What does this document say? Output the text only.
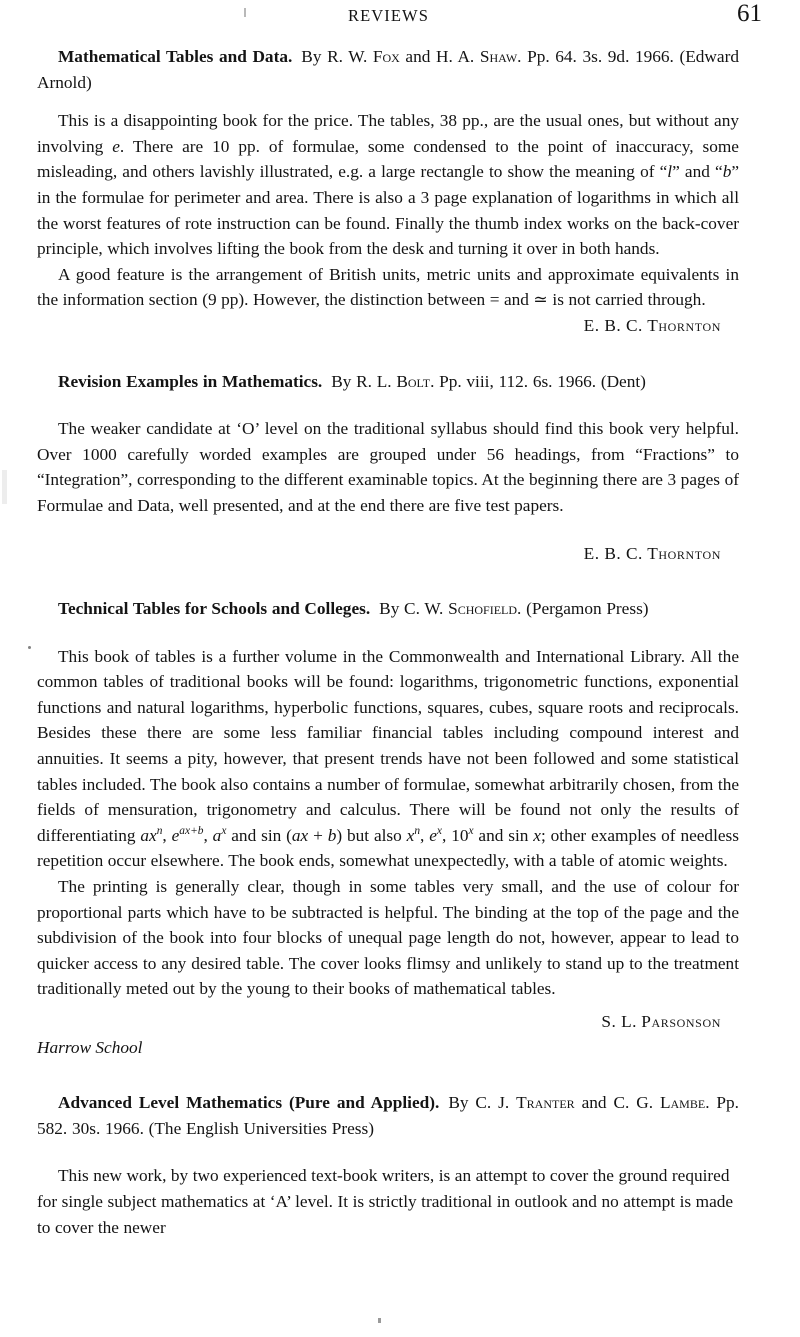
REVIEWS	61
Mathematical Tables and Data. By R. W. Fox and H. A. Shaw. Pp. 64. 3s. 9d. 1966. (Edward Arnold)

This is a disappointing book for the price. The tables, 38 pp., are the usual ones, but without any involving e. There are 10 pp. of formulae, some condensed to the point of inaccuracy, some misleading, and others lavishly illustrated, e.g. a large rectangle to show the meaning of “l” and “b” in the formulae for perimeter and area. There is also a 3 page explanation of logarithms in which all the worst features of rote instruction can be found. Finally the thumb index works on the back-cover principle, which involves lifting the book from the desk and turning it over in both hands.

A good feature is the arrangement of British units, metric units and approximate equivalents in the information section (9 pp). However, the distinction between = and ≃ is not carried through.

E. B. C. Thornton
Revision Examples in Mathematics. By R. L. Bolt. Pp. viii, 112. 6s. 1966. (Dent)

The weaker candidate at ‘O’ level on the traditional syllabus should find this book very helpful. Over 1000 carefully worded examples are grouped under 56 headings, from “Fractions” to “Integration”, corresponding to the different examinable topics. At the beginning there are 3 pages of Formulae and Data, well presented, and at the end there are five test papers.

E. B. C. Thornton
Technical Tables for Schools and Colleges. By C. W. Schofield. (Pergamon Press)

This book of tables is a further volume in the Commonwealth and International Library. All the common tables of traditional books will be found: logarithms, trigonometric functions, exponential functions and natural logarithms, hyperbolic functions, squares, cubes, square roots and reciprocals. Besides these there are some less familiar financial tables including compound interest and annuities. It seems a pity, however, that present trends have not been followed and some statistical tables included. The book also contains a number of formulae, somewhat arbitrarily chosen, from the fields of mensuration, trigonometry and calculus. There will be found not only the results of differentiating $ax^n$, $e^{ax+b}$, $a^x$ and sin (ax + b) but also $x^n$, $e^x$, 10$^x$ and sin x; other examples of needless repetition occur elsewhere. The book ends, somewhat unexpectedly, with a table of atomic weights.

The printing is generally clear, though in some tables very small, and the use of colour for proportional parts which have to be subtracted is helpful. The binding at the top of the page and the subdivision of the book into four blocks of unequal page length do not, however, appear to lead to quicker access to any desired table. The cover looks flimsy and unlikely to stand up to the treatment traditionally meted out by the young to their books of mathematical tables.

S. L. Parsonson
Harrow School
Advanced Level Mathematics (Pure and Applied). By C. J. Tranter and C. G. Lambe. Pp. 582. 30s. 1966. (The English Universities Press)

This new work, by two experienced text-book writers, is an attempt to cover the ground required for single subject mathematics at ‘A’ level. It is strictly traditional in outlook and no attempt is made to cover the newer
